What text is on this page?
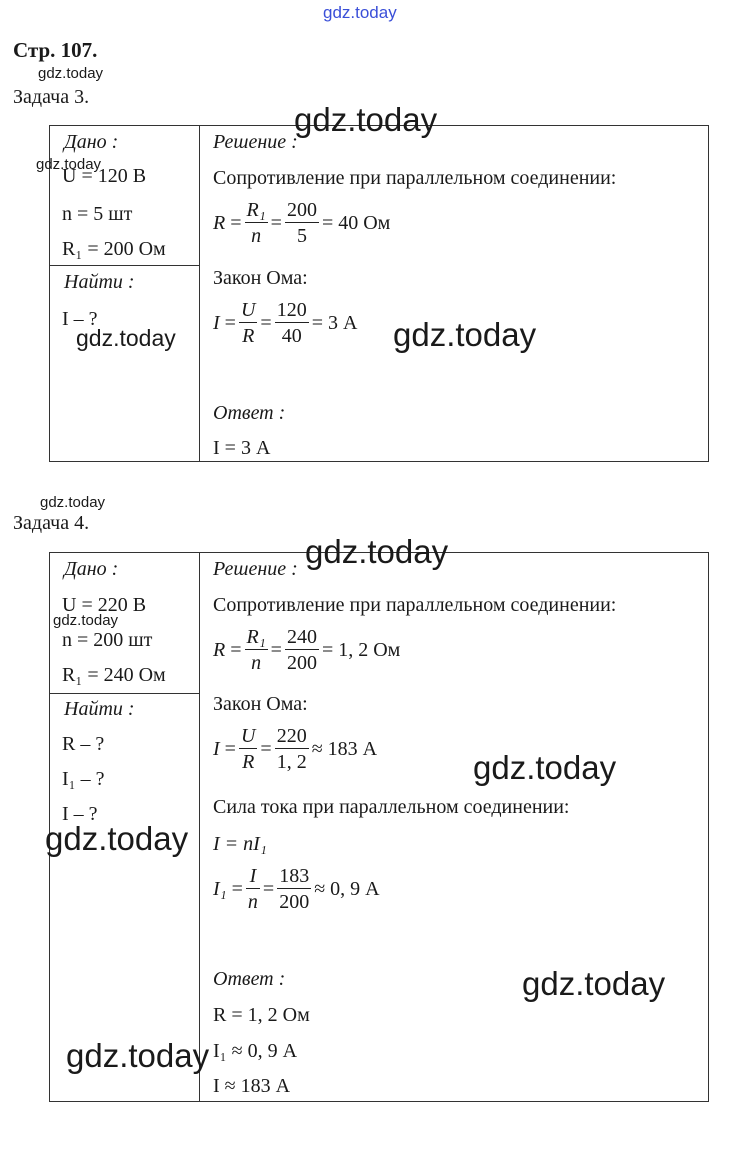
gdz.today
Стр. 107.
gdz.today
Задача 3.
Дано :
U = 120 В
n = 5 шт
R₁ = 200 Ом
Найти :
I – ?
Решение :
Сопротивление при параллельном соединении:
$R = \frac{\text{R₁}}{n} = \frac{200}{5} = 40$ Ом
Закон Ома:
$I = \frac{U}{R} = \frac{120}{40} = 3$ А
Ответ :
I = 3 А
gdz.today
gdz.today
gdz.today	gdz.today
gdz.today
Задача 4.
Дано :
U = 220 В
n = 200 шт
R₁ = 240 Ом
Найти :
R – ?
I₁ – ?
I – ?
Решение :
Сопротивление при параллельном соединении:
$R = \frac{\text{R₁}}{n} = \frac{240}{200} = 1$, 2 Ом
Закон Ома:
$I = \frac{U}{R} = \frac{220}{1, 2} \approx 183$ А
Сила тока при параллельном соединении:
I = nI₁
$I_1 = \frac{I}{n} = \frac{183}{200} \approx 0$, 9 А
Ответ :
R = 1, 2 Ом
I₁ ≈ 0, 9 А
I ≈ 183 А
gdz.today
gdz.today
gdz.today
gdz.today
gdz.today
gdz.today
